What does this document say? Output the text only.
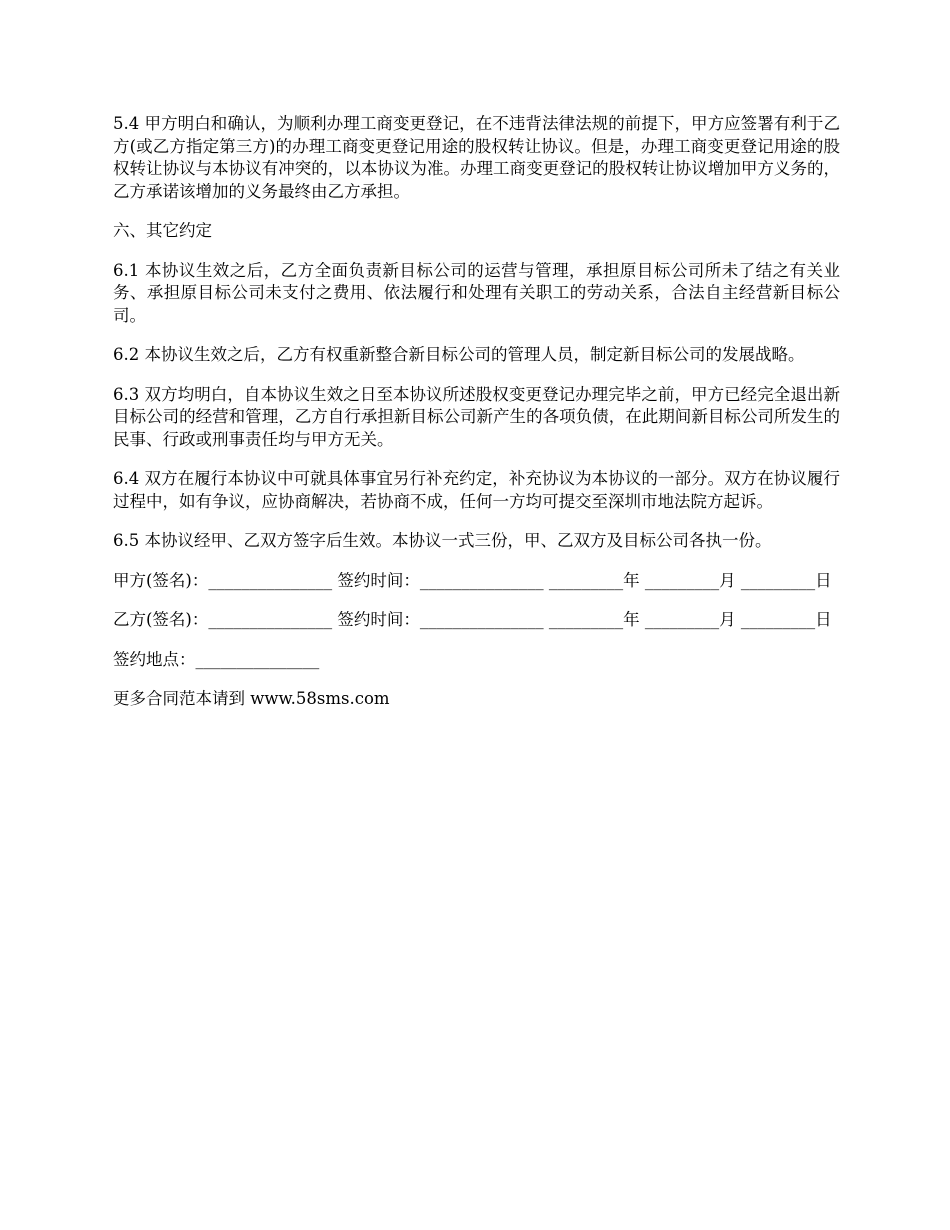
5.4 甲方明白和确认，为顺利办理工商变更登记，在不违背法律法规的前提下，甲方应签署有利于乙方(或乙方指定第三方)的办理工商变更登记用途的股权转让协议。但是，办理工商变更登记用途的股权转让协议与本协议有冲突的，以本协议为准。办理工商变更登记的股权转让协议增加甲方义务的，乙方承诺该增加的义务最终由乙方承担。

六、其它约定

6.1 本协议生效之后，乙方全面负责新目标公司的运营与管理，承担原目标公司所未了结之有关业务、承担原目标公司未支付之费用、依法履行和处理有关职工的劳动关系，合法自主经营新目标公司。

6.2 本协议生效之后，乙方有权重新整合新目标公司的管理人员，制定新目标公司的发展战略。

6.3 双方均明白，自本协议生效之日至本协议所述股权变更登记办理完毕之前，甲方已经完全退出新目标公司的经营和管理，乙方自行承担新目标公司新产生的各项负债，在此期间新目标公司所发生的民事、行政或刑事责任均与甲方无关。

6.4 双方在履行本协议中可就具体事宜另行补充约定，补充协议为本协议的一部分。双方在协议履行过程中，如有争议，应协商解决，若协商不成，任何一方均可提交至深圳市地法院方起诉。

6.5 本协议经甲、乙双方签字后生效。本协议一式三份，甲、乙双方及目标公司各执一份。

甲方(签名)：_______________ 签约时间：_______________ _________年 _________月 _________日

乙方(签名)：_______________ 签约时间：_______________ _________年 _________月 _________日

签约地点：_______________

更多合同范本请到 www.58sms.com
